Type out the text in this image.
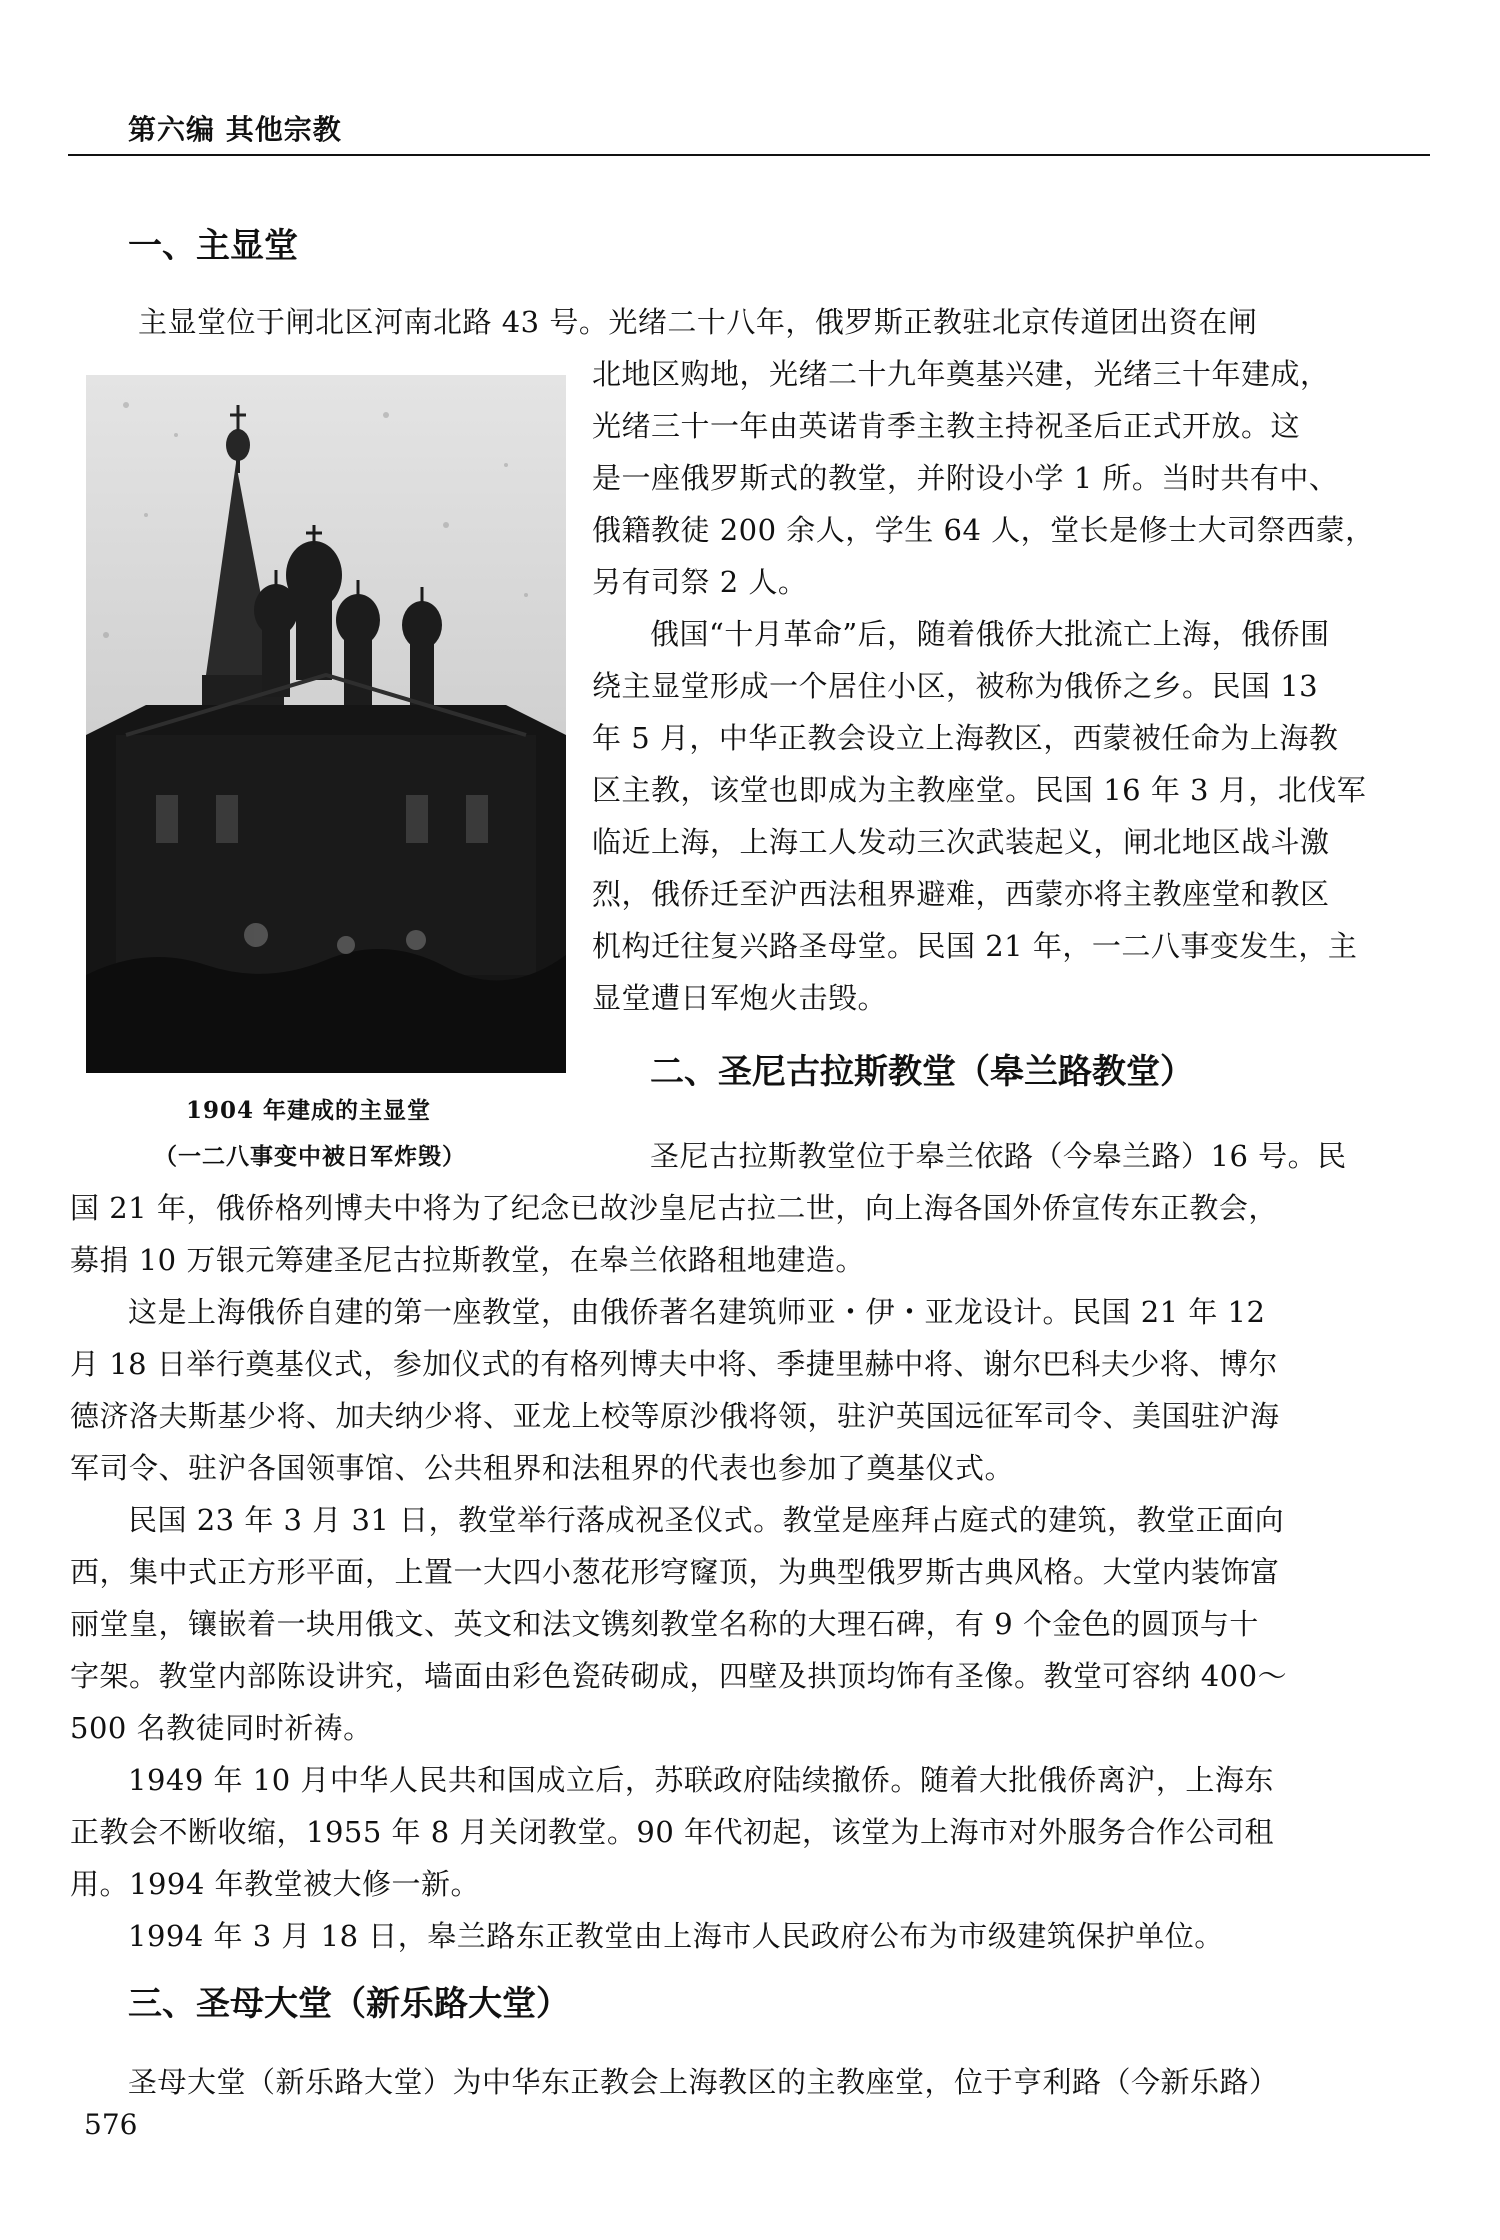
第六编 其他宗教
一、主显堂
主显堂位于闸北区河南北路 43 号。光绪二十八年，俄罗斯正教驻北京传道团出资在闸
北地区购地，光绪二十九年奠基兴建，光绪三十年建成，
光绪三十一年由英诺肯季主教主持祝圣后正式开放。这
是一座俄罗斯式的教堂，并附设小学 1 所。当时共有中、
俄籍教徒 200 余人，学生 64 人，堂长是修士大司祭西蒙，
另有司祭 2 人。
俄国“十月革命”后，随着俄侨大批流亡上海，俄侨围
绕主显堂形成一个居住小区，被称为俄侨之乡。民国 13
年 5 月，中华正教会设立上海教区，西蒙被任命为上海教
区主教，该堂也即成为主教座堂。民国 16 年 3 月，北伐军
临近上海，上海工人发动三次武装起义，闸北地区战斗激
烈，俄侨迁至沪西法租界避难，西蒙亦将主教座堂和教区
机构迁往复兴路圣母堂。民国 21 年，一二八事变发生，主
显堂遭日军炮火击毁。
1904 年建成的主显堂
（一二八事变中被日军炸毁）
二、圣尼古拉斯教堂（皋兰路教堂）
圣尼古拉斯教堂位于皋兰依路（今皋兰路）16 号。民
国 21 年，俄侨格列博夫中将为了纪念已故沙皇尼古拉二世，向上海各国外侨宣传东正教会，
募捐 10 万银元筹建圣尼古拉斯教堂，在皋兰依路租地建造。
这是上海俄侨自建的第一座教堂，由俄侨著名建筑师亚・伊・亚龙设计。民国 21 年 12
月 18 日举行奠基仪式，参加仪式的有格列博夫中将、季捷里赫中将、谢尔巴科夫少将、博尔
德济洛夫斯基少将、加夫纳少将、亚龙上校等原沙俄将领，驻沪英国远征军司令、美国驻沪海
军司令、驻沪各国领事馆、公共租界和法租界的代表也参加了奠基仪式。
民国 23 年 3 月 31 日，教堂举行落成祝圣仪式。教堂是座拜占庭式的建筑，教堂正面向
西，集中式正方形平面，上置一大四小葱花形穹窿顶，为典型俄罗斯古典风格。大堂内装饰富
丽堂皇，镶嵌着一块用俄文、英文和法文镌刻教堂名称的大理石碑，有 9 个金色的圆顶与十
字架。教堂内部陈设讲究，墙面由彩色瓷砖砌成，四壁及拱顶均饰有圣像。教堂可容纳 400～
500 名教徒同时祈祷。
1949 年 10 月中华人民共和国成立后，苏联政府陆续撤侨。随着大批俄侨离沪，上海东
正教会不断收缩，1955 年 8 月关闭教堂。90 年代初起，该堂为上海市对外服务合作公司租
用。1994 年教堂被大修一新。
1994 年 3 月 18 日，皋兰路东正教堂由上海市人民政府公布为市级建筑保护单位。
三、圣母大堂（新乐路大堂）
圣母大堂（新乐路大堂）为中华东正教会上海教区的主教座堂，位于亨利路（今新乐路）
576
